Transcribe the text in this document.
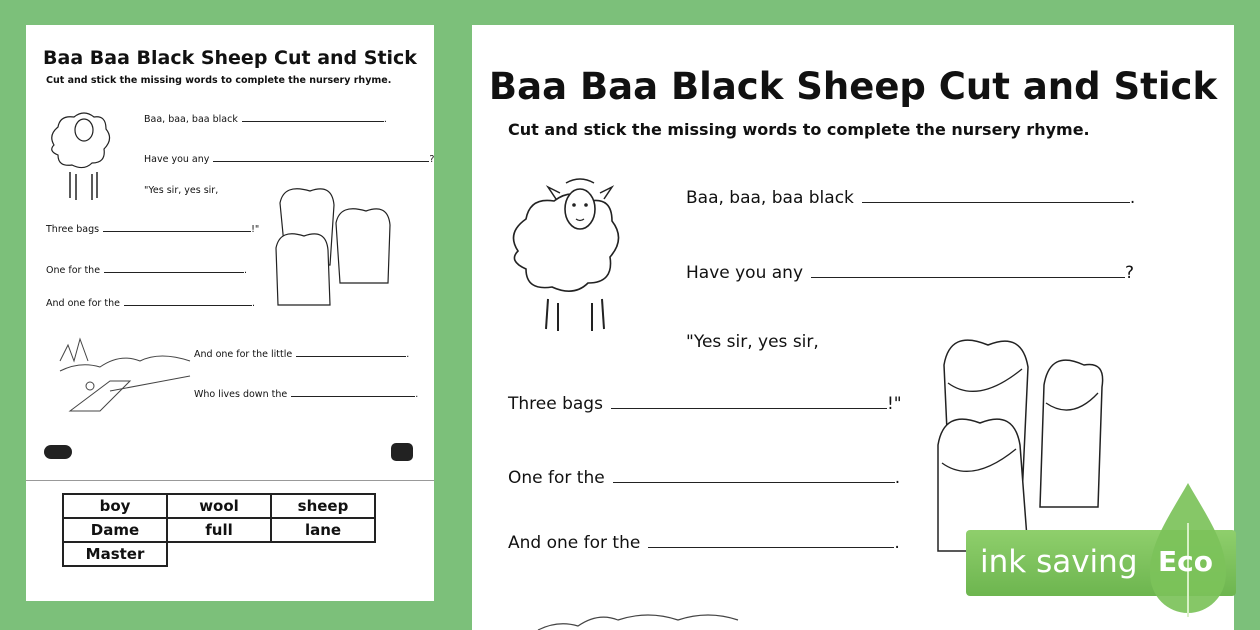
Baa Baa Black Sheep Cut and Stick
Cut and stick the missing words to complete the nursery rhyme.
Baa, baa, baa black	.
Have you any	?
"Yes sir, yes sir,
Three bags	!"
One for the	.
And one for the	.
And one for the little	.
Who lives down the	.
boy	wool	sheep
Dame	full	lane
Master		
Baa Baa Black Sheep Cut and Stick
Cut and stick the missing words to complete the nursery rhyme.
Baa, baa, baa black	.
Have you any	?
"Yes sir, yes sir,
Three bags	!"
One for the	.
And one for the	.
ink saving Eco
